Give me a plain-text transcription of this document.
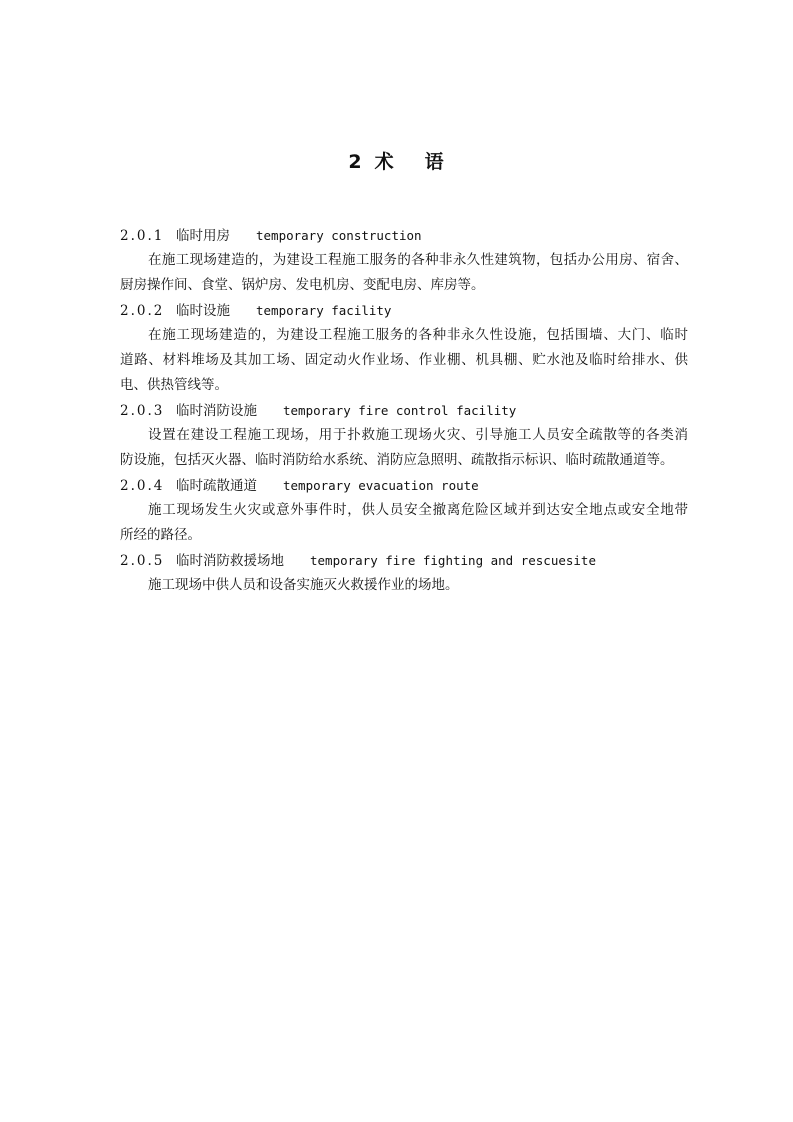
2 术 语
2.0.1 临时用房 temporary construction
在施工现场建造的，为建设工程施工服务的各种非永久性建筑物，包括办公用房、宿舍、
厨房操作间、食堂、锅炉房、发电机房、变配电房、库房等。
2.0.2 临时设施 temporary facility
在施工现场建造的，为建设工程施工服务的各种非永久性设施，包括围墙、大门、临时
道路、材料堆场及其加工场、固定动火作业场、作业棚、机具棚、贮水池及临时给排水、供
电、供热管线等。
2.0.3 临时消防设施 temporary fire control facility
设置在建设工程施工现场，用于扑救施工现场火灾、引导施工人员安全疏散等的各类消
防设施，包括灭火器、临时消防给水系统、消防应急照明、疏散指示标识、临时疏散通道等。
2.0.4 临时疏散通道 temporary evacuation route
施工现场发生火灾或意外事件时，供人员安全撤离危险区域并到达安全地点或安全地带
所经的路径。
2.0.5 临时消防救援场地 temporary fire fighting and rescuesite
施工现场中供人员和设备实施灭火救援作业的场地。
